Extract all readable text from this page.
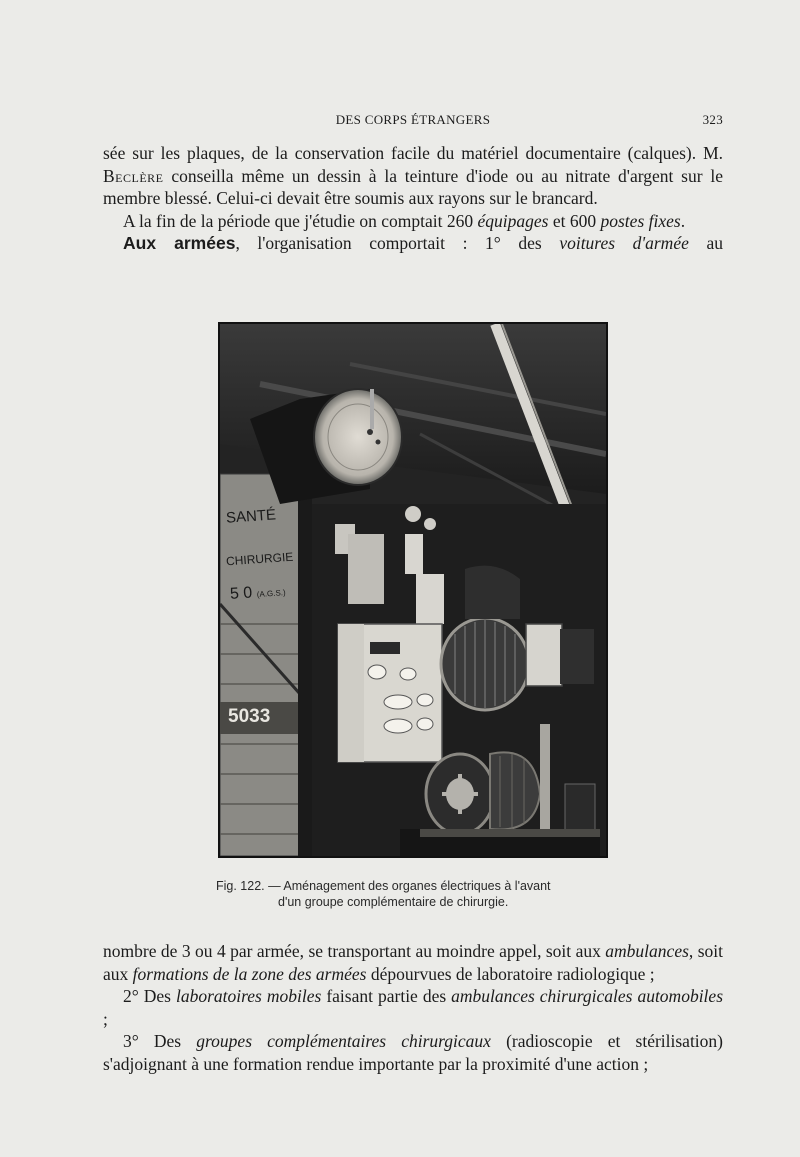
DES CORPS ÉTRANGERS	323

sée sur les plaques, de la conservation facile du matériel documentaire (calques). M. Beclère conseilla même un dessin à la teinture d'iode ou au nitrate d'argent sur le membre blessé. Celui-ci devait être soumis aux rayons sur le brancard.

A la fin de la période que j'étudie on comptait 260 équipages et 600 postes fixes.

Aux armées, l'organisation comportait : 1° des voitures d'armée au

SANTÉ
CHIRURGIE
5 0 (A.G.S.)
5033
Fig. 122. — Aménagement des organes électriques à l'avant
d'un groupe complémentaire de chirurgie.

nombre de 3 ou 4 par armée, se transportant au moindre appel, soit aux ambulances, soit aux formations de la zone des armées dépourvues de laboratoire radiologique ;

2° Des laboratoires mobiles faisant partie des ambulances chirurgicales automobiles ;

3° Des groupes complémentaires chirurgicaux (radioscopie et stérilisation) s'adjoignant à une formation rendue importante par la proximité d'une action ;
